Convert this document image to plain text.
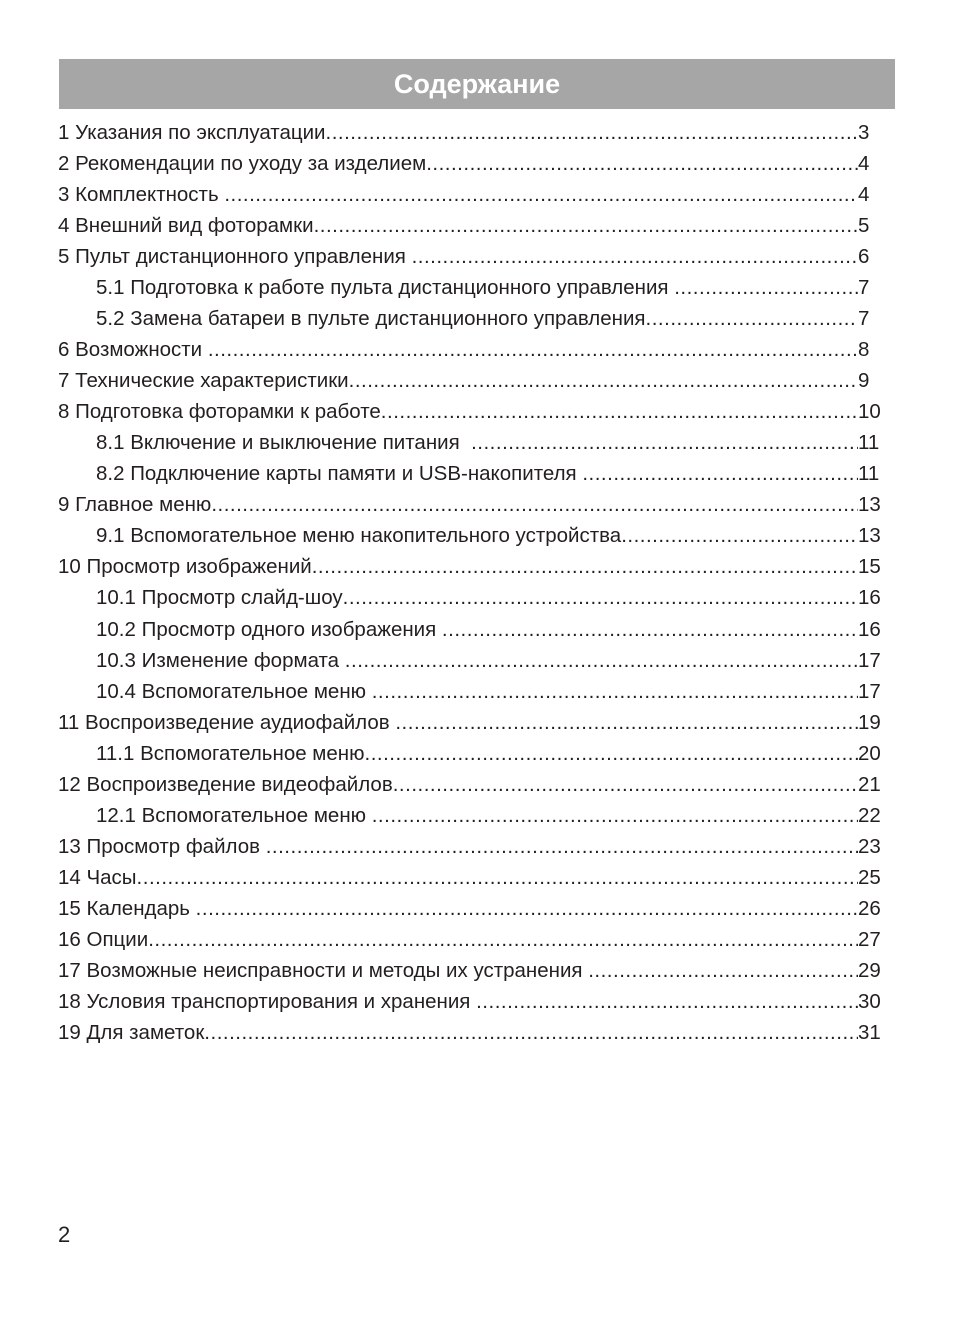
Содержание
1 Указания по эксплуатации .....	3
2 Рекомендации по уходу за изделием .....	4
3 Комплектность .....	4
4 Внешний вид фоторамки .....	5
5 Пульт дистанционного управления .....	6
5.1 Подготовка к работе пульта дистанционного управления .....	7
5.2 Замена батареи в пульте дистанционного управления .....	7
6 Возможности .....	8
7 Технические характеристики .....	9
8 Подготовка фоторамки к работе .....	10
8.1 Включение и выключение питания .....	11
8.2 Подключение карты памяти и USB-накопителя .....	11
9 Главное меню .....	13
9.1 Вспомогательное меню накопительного устройства .....	13
10 Просмотр изображений .....	15
10.1 Просмотр слайд-шоу .....	16
10.2 Просмотр одного изображения .....	16
10.3 Изменение формата .....	17
10.4 Вспомогательное меню .....	17
11 Воспроизведение аудиофайлов .....	19
11.1 Вспомогательное меню .....	20
12 Воспроизведение видеофайлов .....	21
12.1 Вспомогательное меню .....	22
13 Просмотр файлов .....	23
14 Часы .....	25
15 Календарь .....	26
16 Опции .....	27
17 Возможные неисправности и методы их устранения .....	29
18 Условия транспортирования и хранения .....	30
19 Для заметок .....	31
2
